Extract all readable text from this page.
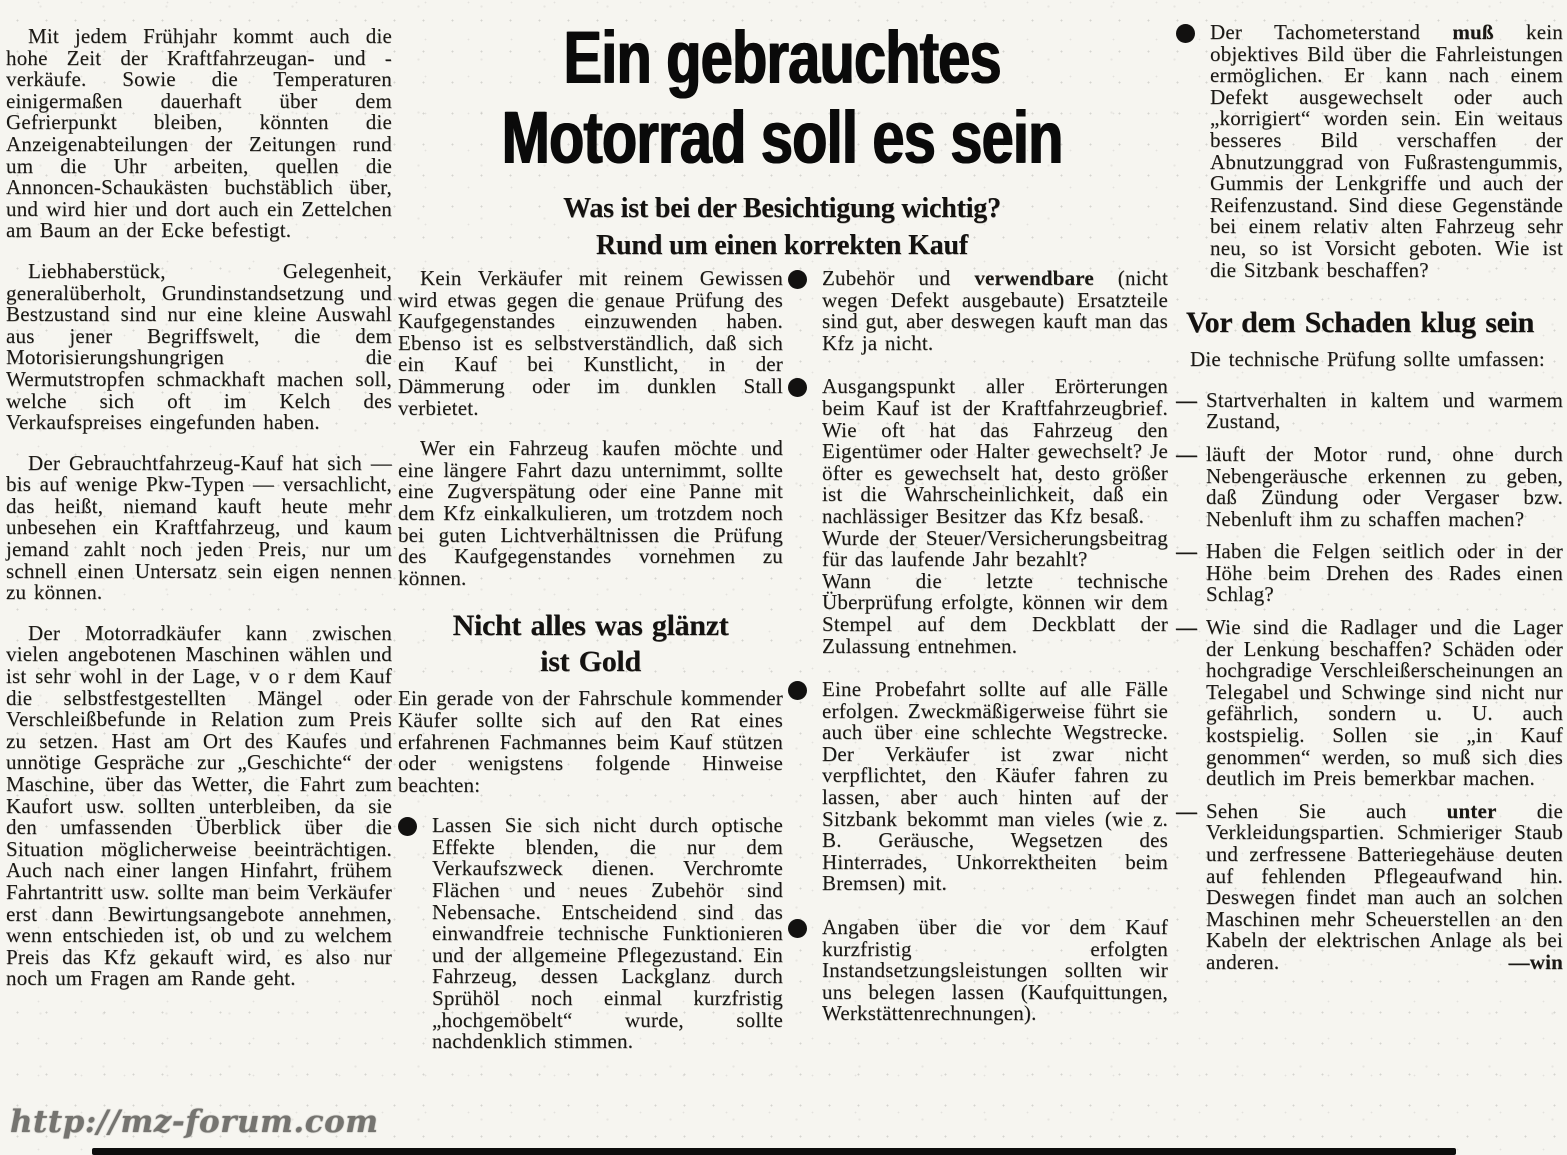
Mit jedem Frühjahr kommt auch die hohe Zeit der Kraftfahrzeugan- und -verkäufe. Sowie die Temperaturen einigermaßen dauerhaft über dem Gefrierpunkt bleiben, könnten die Anzeigenabteilungen der Zeitungen rund um die Uhr arbeiten, quellen die Annoncen-Schaukästen buchstäblich über, und wird hier und dort auch ein Zettelchen am Baum an der Ecke befestigt.

Liebhaberstück, Gelegenheit, generalüberholt, Grundinstandsetzung und Bestzustand sind nur eine kleine Auswahl aus jener Begriffswelt, die dem Motorisierungshungrigen die Wermutstropfen schmackhaft machen soll, welche sich oft im Kelch des Verkaufspreises eingefunden haben.

Der Gebrauchtfahrzeug-Kauf hat sich — bis auf wenige Pkw-Typen — versachlicht, das heißt, niemand kauft heute mehr unbesehen ein Kraftfahrzeug, und kaum jemand zahlt noch jeden Preis, nur um schnell einen Untersatz sein eigen nennen zu können.

Der Motorradkäufer kann zwischen vielen angebotenen Maschinen wählen und ist sehr wohl in der Lage, v o r dem Kauf die selbstfestgestellten Mängel oder Verschleißbefunde in Relation zum Preis zu setzen. Hast am Ort des Kaufes und unnötige Gespräche zur „Geschichte“ der Maschine, über das Wetter, die Fahrt zum Kaufort usw. sollten unterbleiben, da sie den umfassenden Überblick über die Situation möglicherweise beeinträchtigen. Auch nach einer langen Hinfahrt, frühem Fahrtantritt usw. sollte man beim Verkäufer erst dann Bewirtungsangebote annehmen, wenn entschieden ist, ob und zu welchem Preis das Kfz gekauft wird, es also nur noch um Fragen am Rande geht.

Ein gebrauchtes
Motorrad soll es sein
Was ist bei der Besichtigung wichtig?
Rund um einen korrekten Kauf

Kein Verkäufer mit reinem Gewissen wird etwas gegen die genaue Prüfung des Kaufgegenstandes einzuwenden haben. Ebenso ist es selbstverständlich, daß sich ein Kauf bei Kunstlicht, in der Dämmerung oder im dunklen Stall verbietet.

Wer ein Fahrzeug kaufen möchte und eine längere Fahrt dazu unternimmt, sollte eine Zugverspätung oder eine Panne mit dem Kfz einkalkulieren, um trotzdem noch bei guten Lichtverhältnissen die Prüfung des Kaufgegenstandes vornehmen zu können.

Nicht alles was glänzt
ist Gold

Ein gerade von der Fahrschule kommender Käufer sollte sich auf den Rat eines erfahrenen Fachmannes beim Kauf stützen oder wenigstens folgende Hinweise beachten:

Lassen Sie sich nicht durch optische Effekte blenden, die nur dem Verkaufszweck dienen. Verchromte Flächen und neues Zubehör sind Nebensache. Entscheidend sind das einwandfreie technische Funktionieren und der allgemeine Pflegezustand. Ein Fahrzeug, dessen Lackglanz durch Sprühöl noch einmal kurzfristig „hochgemöbelt“ wurde, sollte nachdenklich stimmen.
Zubehör und verwendbare (nicht wegen Defekt ausgebaute) Ersatzteile sind gut, aber deswegen kauft man das Kfz ja nicht.
Ausgangspunkt aller Erörterungen beim Kauf ist der Kraftfahrzeugbrief. Wie oft hat das Fahrzeug den Eigentümer oder Halter gewechselt? Je öfter es gewechselt hat, desto größer ist die Wahrscheinlichkeit, daß ein nachlässiger Besitzer das Kfz besaß.
Wurde der Steuer/Versicherungsbeitrag für das laufende Jahr bezahlt?
Wann die letzte technische Überprüfung erfolgte, können wir dem Stempel auf dem Deckblatt der Zulassung entnehmen.
Eine Probefahrt sollte auf alle Fälle erfolgen. Zweckmäßigerweise führt sie auch über eine schlechte Wegstrecke. Der Verkäufer ist zwar nicht verpflichtet, den Käufer fahren zu lassen, aber auch hinten auf der Sitzbank bekommt man vieles (wie z. B. Geräusche, Wegsetzen des Hinterrades, Unkorrektheiten beim Bremsen) mit.
Angaben über die vor dem Kauf kurzfristig erfolgten Instandsetzungsleistungen sollten wir uns belegen lassen (Kaufquittungen, Werkstättenrechnungen).
Der Tachometerstand muß kein objektives Bild über die Fahrleistungen ermöglichen. Er kann nach einem Defekt ausgewechselt oder auch „korrigiert“ worden sein. Ein weitaus besseres Bild verschaffen der Abnutzunggrad von Fußrastengummis, Gummis der Lenkgriffe und auch der Reifenzustand. Sind diese Gegenstände bei einem relativ alten Fahrzeug sehr neu, so ist Vorsicht geboten. Wie ist die Sitzbank beschaffen?
Vor dem Schaden klug sein

Die technische Prüfung sollte umfassen:

— Startverhalten in kaltem und warmem Zustand,
— läuft der Motor rund, ohne durch Nebengeräusche erkennen zu geben, daß Zündung oder Vergaser bzw. Nebenluft ihm zu schaffen machen?
— Haben die Felgen seitlich oder in der Höhe beim Drehen des Rades einen Schlag?
— Wie sind die Radlager und die Lager der Lenkung beschaffen? Schäden oder hochgradige Verschleißerscheinungen an Telegabel und Schwinge sind nicht nur gefährlich, sondern u. U. auch kostspielig. Sollen sie „in Kauf genommen“ werden, so muß sich dies deutlich im Preis bemerkbar machen.
— Sehen Sie auch unter die Verkleidungspartien. Schmieriger Staub und zerfressene Batteriegehäuse deuten auf fehlenden Pflegeaufwand hin. Deswegen findet man auch an solchen Maschinen mehr Scheuerstellen an den Kabeln der elektrischen Anlage als bei anderen.	—win
http://mz-forum.com
